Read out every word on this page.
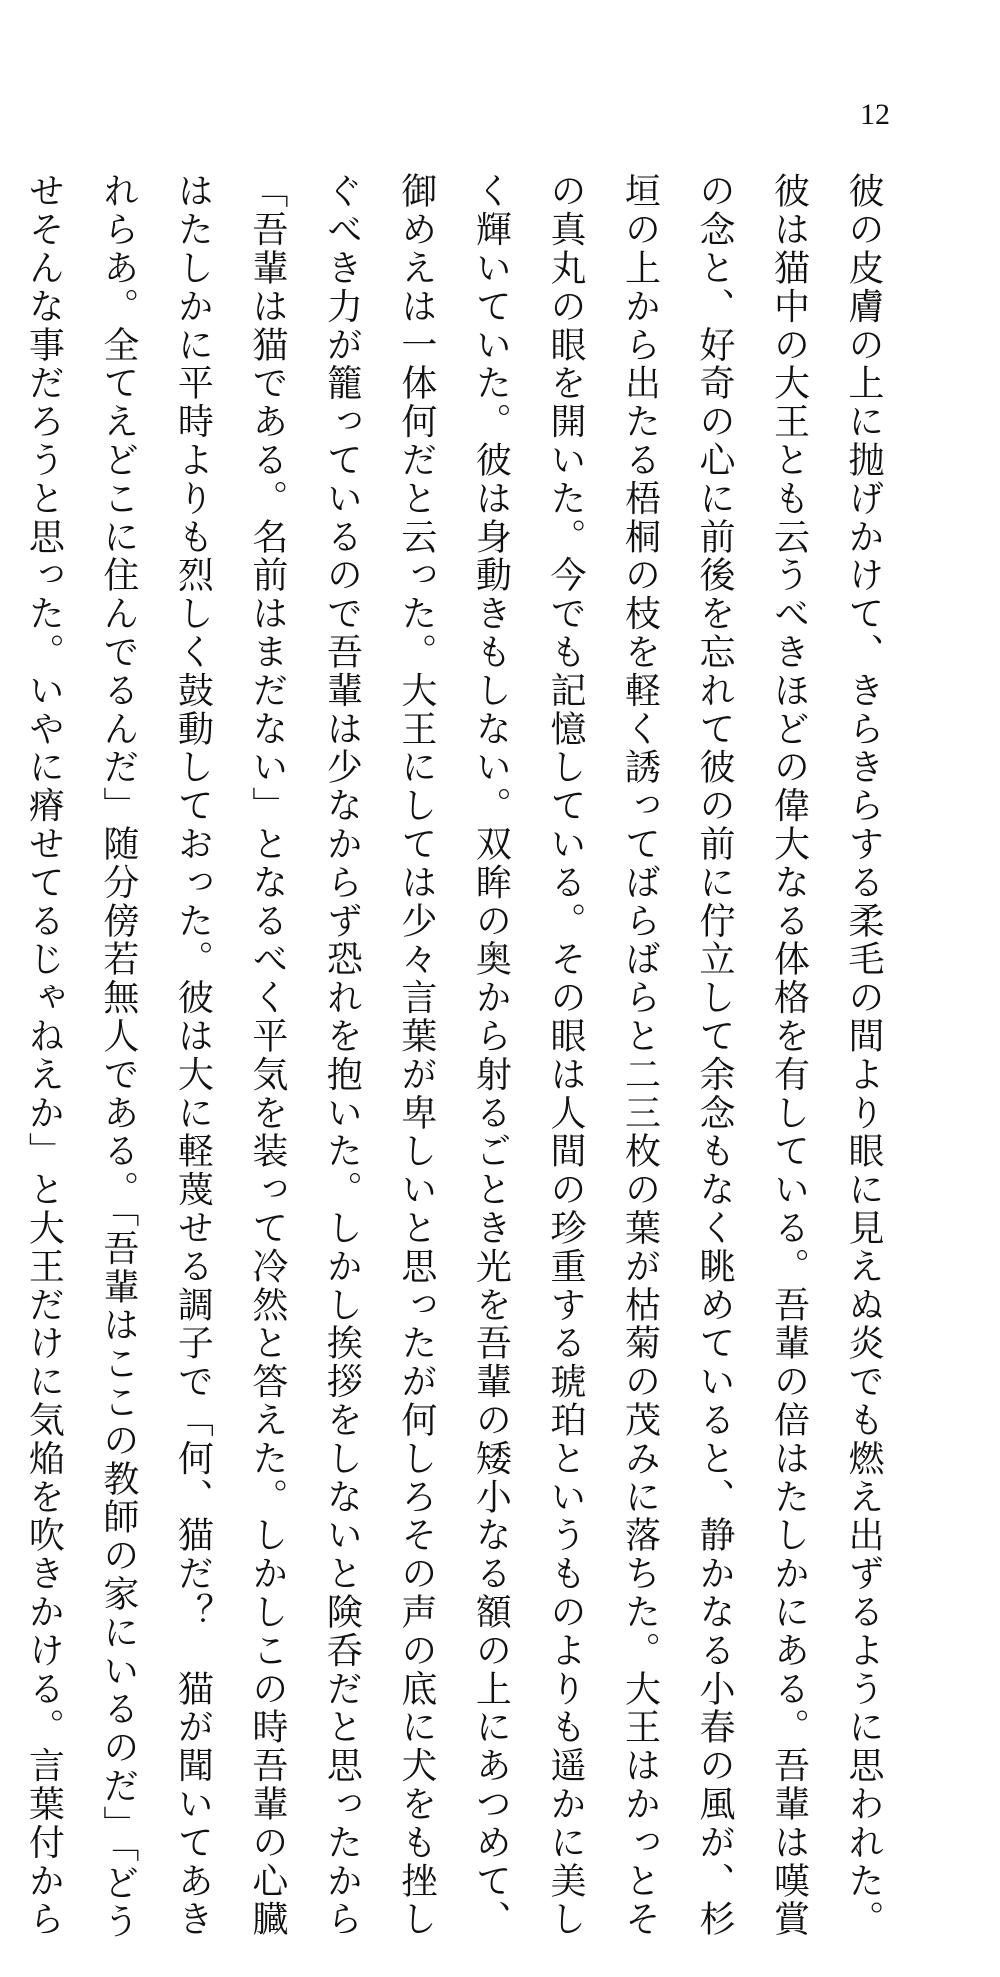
12
彼の皮膚の上に抛げかけて、きらきらする柔毛の間より眼に見えぬ炎でも燃え出ずるように思われた。
彼は猫中の大王とも云うべきほどの偉大なる体格を有している。吾輩の倍はたしかにある。吾輩は嘆賞
の念と、好奇の心に前後を忘れて彼の前に佇立して余念もなく眺めていると、静かなる小春の風が、杉
垣の上から出たる梧桐の枝を軽く誘ってばらばらと二三枚の葉が枯菊の茂みに落ちた。大王はかっとそ
の真丸の眼を開いた。今でも記憶している。その眼は人間の珍重する琥珀というものよりも遥かに美し
く輝いていた。彼は身動きもしない。双眸の奥から射るごとき光を吾輩の矮小なる額の上にあつめて、
御めえは一体何だと云った。大王にしては少々言葉が卑しいと思ったが何しろその声の底に犬をも挫し
ぐべき力が籠っているので吾輩は少なからず恐れを抱いた。しかし挨拶をしないと険呑だと思ったから
「吾輩は猫である。名前はまだない」となるべく平気を装って冷然と答えた。しかしこの時吾輩の心臓
はたしかに平時よりも烈しく鼓動しておった。彼は大に軽蔑せる調子で「何、猫だ？　猫が聞いてあき
れらあ。全てえどこに住んでるんだ」随分傍若無人である。「吾輩はここの教師の家にいるのだ」「どう
せそんな事だろうと思った。いやに瘠せてるじゃねえか」と大王だけに気焔を吹きかける。言葉付から
